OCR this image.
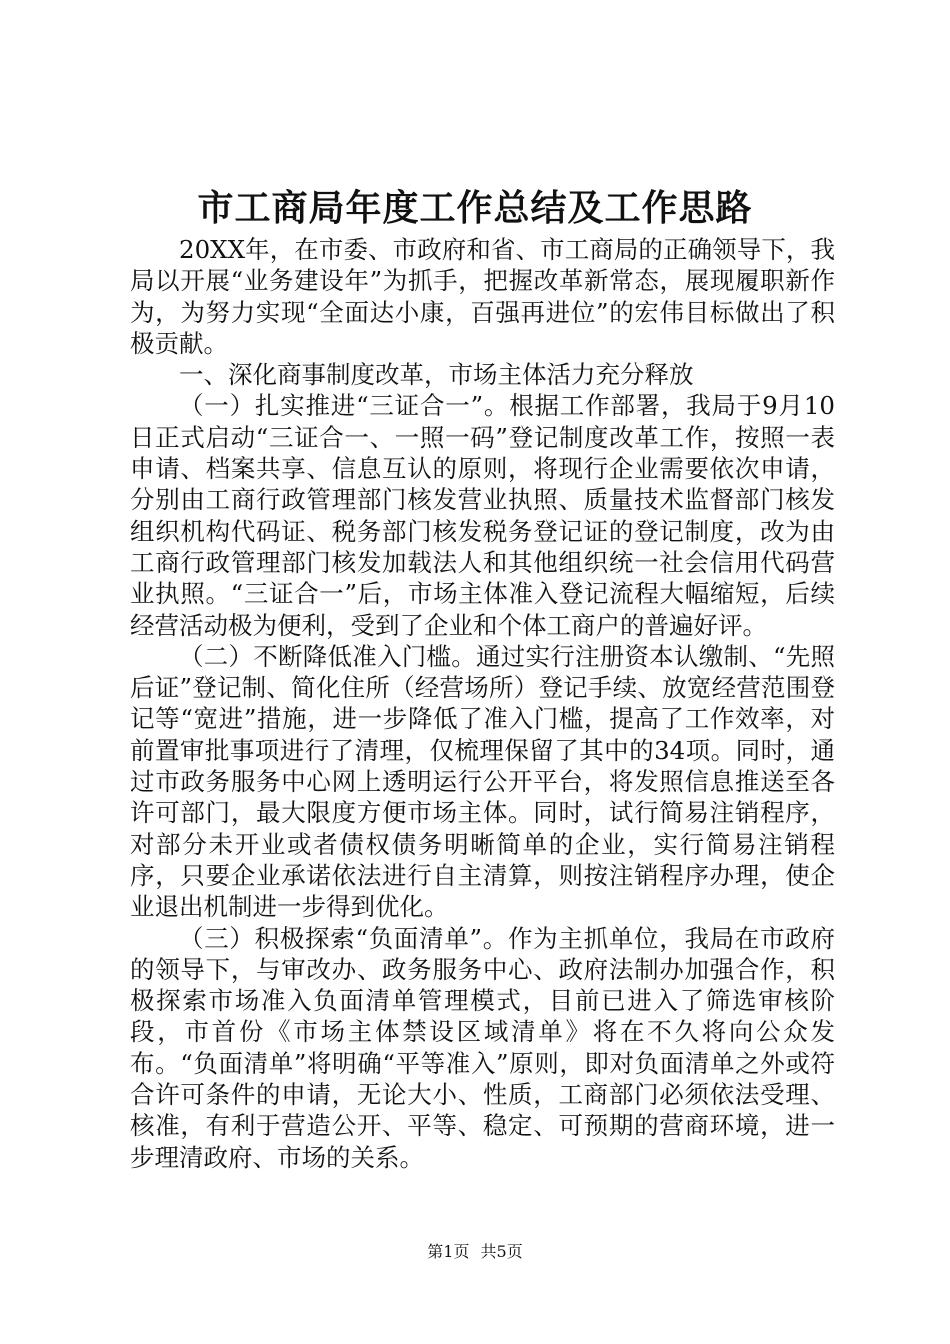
市工商局年度工作总结及工作思路

20XX年，在市委、市政府和省、市工商局的正确领导下，我局以开展“业务建设年”为抓手，把握改革新常态，展现履职新作为，为努力实现“全面达小康，百强再进位”的宏伟目标做出了积极贡献。

一、深化商事制度改革，市场主体活力充分释放

（一）扎实推进“三证合一”。根据工作部署，我局于9月10日正式启动“三证合一、一照一码”登记制度改革工作，按照一表申请、档案共享、信息互认的原则，将现行企业需要依次申请，分别由工商行政管理部门核发营业执照、质量技术监督部门核发组织机构代码证、税务部门核发税务登记证的登记制度，改为由工商行政管理部门核发加载法人和其他组织统一社会信用代码营业执照。“三证合一”后，市场主体准入登记流程大幅缩短，后续经营活动极为便利，受到了企业和个体工商户的普遍好评。

（二）不断降低准入门槛。通过实行注册资本认缴制、“先照后证”登记制、简化住所（经营场所）登记手续、放宽经营范围登记等“宽进”措施，进一步降低了准入门槛，提高了工作效率，对前置审批事项进行了清理，仅梳理保留了其中的34项。同时，通过市政务服务中心网上透明运行公开平台，将发照信息推送至各许可部门，最大限度方便市场主体。同时，试行简易注销程序，对部分未开业或者债权债务明晰简单的企业，实行简易注销程序，只要企业承诺依法进行自主清算，则按注销程序办理，使企业退出机制进一步得到优化。

（三）积极探索“负面清单”。作为主抓单位，我局在市政府的领导下，与审改办、政务服务中心、政府法制办加强合作，积极探索市场准入负面清单管理模式，目前已进入了筛选审核阶段，市首份《市场主体禁设区域清单》将在不久将向公众发布。“负面清单”将明确“平等准入”原则，即对负面清单之外或符合许可条件的申请，无论大小、性质，工商部门必须依法受理、核准，有利于营造公开、平等、稳定、可预期的营商环境，进一步理清政府、市场的关系。

第1页 共5页
